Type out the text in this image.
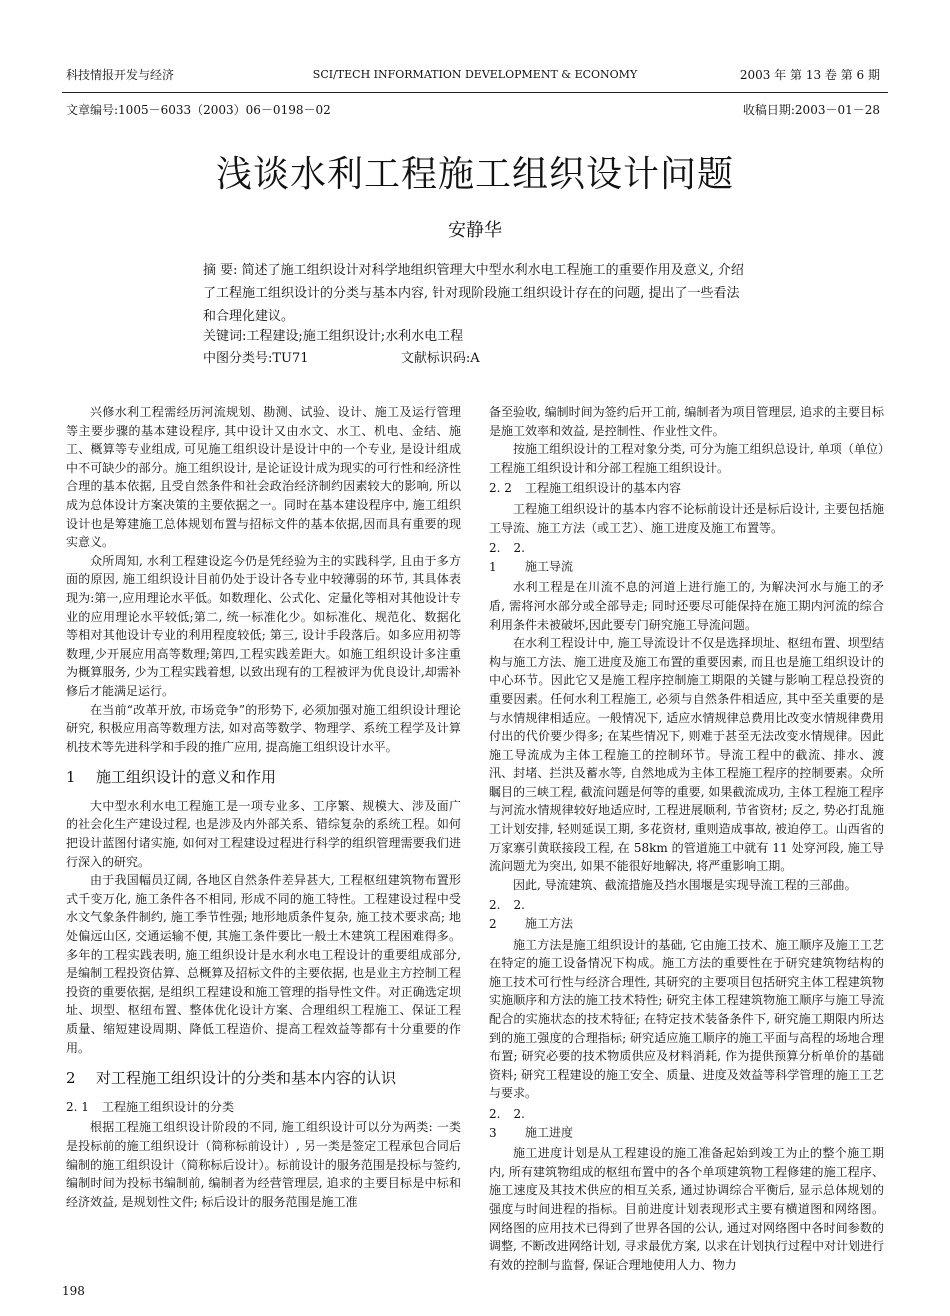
科技情报开发与经济	SCI/TECH INFORMATION DEVELOPMENT & ECONOMY	2003 年 第 13 卷 第 6 期
文章编号:1005－6033（2003）06－0198－02	收稿日期:2003－01－28
浅谈水利工程施工组织设计问题
安静华
摘 要: 简述了施工组织设计对科学地组织管理大中型水利水电工程施工的重要作用及意义, 介绍了工程施工组织设计的分类与基本内容, 针对现阶段施工组织设计存在的问题, 提出了一些看法和合理化建议。
关键词:工程建设;施工组织设计;水利水电工程
中图分类号:TU71	文献标识码:A

兴修水利工程需经历河流规划、勘测、试验、设计、施工及运行管理等主要步骤的基本建设程序, 其中设计又由水文、水工、机电、金结、施工、概算等专业组成, 可见施工组织设计是设计中的一个专业, 是设计组成中不可缺少的部分。施工组织设计, 是论证设计成为现实的可行性和经济性合理的基本依据, 且受自然条件和社会政治经济制约因素较大的影响, 所以成为总体设计方案决策的主要依据之一。同时在基本建设程序中, 施工组织设计也是筹建施工总体规划布置与招标文件的基本依据,因而具有重要的现实意义。

众所周知, 水利工程建设迄今仍是凭经验为主的实践科学, 且由于多方面的原因, 施工组织设计目前仍处于设计各专业中较薄弱的环节, 其具体表现为:第一,应用理论水平低。如数理化、公式化、定量化等相对其他设计专业的应用理论水平较低;第二, 统一标准化少。如标准化、规范化、数据化等相对其他设计专业的利用程度较低; 第三, 设计手段落后。如多应用初等数理,少开展应用高等数理;第四,工程实践差距大。如施工组织设计多注重为概算服务, 少为工程实践着想, 以致出现有的工程被评为优良设计,却需补修后才能满足运行。

在当前“改革开放, 市场竞争”的形势下, 必须加强对施工组织设计理论研究, 积极应用高等数理方法, 如对高等数学、物理学、系统工程学及计算机技术等先进科学和手段的推广应用, 提高施工组织设计水平。

1 施工组织设计的意义和作用

大中型水利水电工程施工是一项专业多、工序繁、规模大、涉及面广的社会化生产建设过程, 也是涉及内外部关系、错综复杂的系统工程。如何把设计蓝图付诸实施, 如何对工程建设过程进行科学的组织管理需要我们进行深入的研究。

由于我国幅员辽阔, 各地区自然条件差异甚大, 工程枢纽建筑物布置形式千变万化, 施工条件各不相同, 形成不同的施工特性。工程建设过程中受水文气象条件制约, 施工季节性强; 地形地质条件复杂, 施工技术要求高; 地处偏远山区, 交通运输不便, 其施工条件要比一般土木建筑工程困难得多。多年的工程实践表明, 施工组织设计是水利水电工程设计的重要组成部分, 是编制工程投资估算、总概算及招标文件的主要依据, 也是业主方控制工程投资的重要依据, 是组织工程建设和施工管理的指导性文件。对正确选定坝址、坝型、枢纽布置、整体优化设计方案、合理组织工程施工、保证工程质量、缩短建设周期、降低工程造价、提高工程效益等都有十分重要的作用。

2 对工程施工组织设计的分类和基本内容的认识

2. 1 工程施工组织设计的分类

根据工程施工组织设计阶段的不同, 施工组织设计可以分为两类: 一类是投标前的施工组织设计（简称标前设计）, 另一类是签定工程承包合同后编制的施工组织设计（简称标后设计）。标前设计的服务范围是投标与签约, 编制时间为投标书编制前, 编制者为经营管理层, 追求的主要目标是中标和经济效益, 是规划性文件; 标后设计的服务范围是施工准

备至验收, 编制时间为签约后开工前, 编制者为项目管理层, 追求的主要目标是施工效率和效益, 是控制性、作业性文件。

按施工组织设计的工程对象分类, 可分为施工组织总设计, 单项（单位）工程施工组织设计和分部工程施工组织设计。

2. 2 工程施工组织设计的基本内容

工程施工组织设计的基本内容不论标前设计还是标后设计, 主要包括施工导流、施工方法（或工艺）、施工进度及施工布置等。

2. 2. 1 施工导流

水利工程是在川流不息的河道上进行施工的, 为解决河水与施工的矛盾, 需将河水部分或全部导走; 同时还要尽可能保持在施工期内河流的综合利用条件未被破坏,因此要专门研究施工导流问题。

在水利工程设计中, 施工导流设计不仅是选择坝址、枢纽布置、坝型结构与施工方法、施工进度及施工布置的重要因素, 而且也是施工组织设计的中心环节。因此它又是施工程序控制施工期限的关键与影响工程总投资的重要因素。任何水利工程施工, 必须与自然条件相适应, 其中至关重要的是与水情规律相适应。一般情况下, 适应水情规律总费用比改变水情规律费用付出的代价要少得多; 在某些情况下, 则难于甚至无法改变水情规律。因此施工导流成为主体工程施工的控制环节。导流工程中的截流、排水、渡汛、封堵、拦洪及蓄水等, 自然地成为主体工程施工程序的控制要素。众所瞩目的三峡工程, 截流问题是何等的重要, 如果截流成功, 主体工程施工程序与河流水情规律较好地适应时, 工程进展顺利, 节省资材; 反之, 势必打乱施工计划安排, 轻则延误工期, 多花资材, 重则造成事故, 被迫停工。山西省的万家寨引黄联接段工程, 在 58km 的管道施工中就有 11 处穿河段, 施工导流问题尤为突出, 如果不能很好地解决, 将严重影响工期。

因此, 导流建筑、截流措施及挡水围堰是实现导流工程的三部曲。

2. 2. 2 施工方法

施工方法是施工组织设计的基础, 它由施工技术、施工顺序及施工工艺在特定的施工设备情况下构成。施工方法的重要性在于研究建筑物结构的施工技术可行性与经济合理性, 其研究的主要项目包括研究主体工程建筑物实施顺序和方法的施工技术特性; 研究主体工程建筑物施工顺序与施工导流配合的实施状态的技术特征; 在特定技术装备条件下, 研究施工期限内所达到的施工强度的合理指标; 研究适应施工顺序的施工平面与高程的场地合理布置; 研究必要的技术物质供应及材料消耗, 作为提供预算分析单价的基础资料; 研究工程建设的施工安全、质量、进度及效益等科学管理的施工工艺与要求。

2. 2. 3 施工进度

施工进度计划是从工程建设的施工准备起始到竣工为止的整个施工期内, 所有建筑物组成的枢纽布置中的各个单项建筑物工程修建的施工程序、施工速度及其技术供应的相互关系, 通过协调综合平衡后, 显示总体规划的强度与时间进程的指标。目前进度计划表现形式主要有横道图和网络图。网络图的应用技术已得到了世界各国的公认, 通过对网络图中各时间参数的调整, 不断改进网络计划, 寻求最优方案, 以求在计划执行过程中对计划进行有效的控制与监督, 保证合理地使用人力、物力

198
